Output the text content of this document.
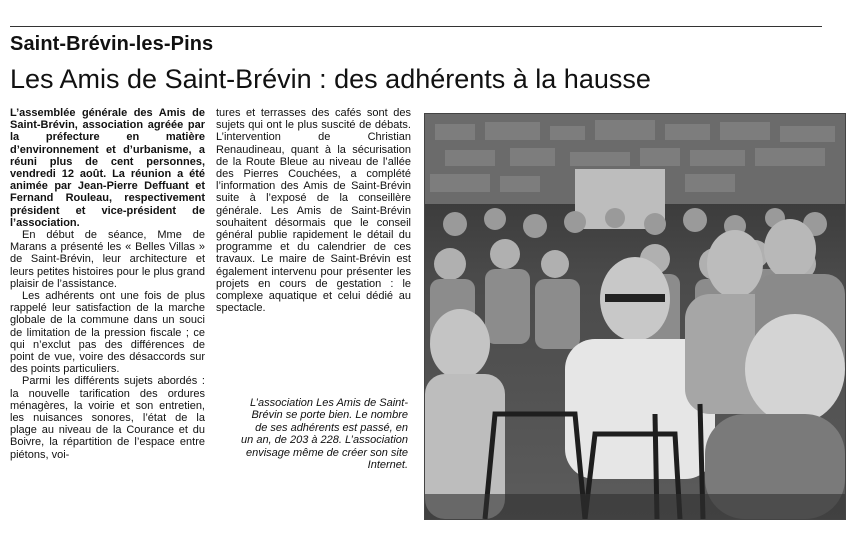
Saint-Brévin-les-Pins
Les Amis de Saint-Brévin : des adhérents à la hausse

L’assemblée générale des Amis de Saint-Brévin, association agréée par la préfecture en matière d’environnement et d’urbanisme, a réuni plus de cent personnes, vendredi 12 août. La réunion a été animée par Jean-Pierre Deffuant et Fernand Rouleau, respectivement président et vice-président de l’association.

En début de séance, Mme de Marans a présenté les « Belles Villas » de Saint-Brévin, leur architecture et leurs petites histoires pour le plus grand plaisir de l’assistance.

Les adhérents ont une fois de plus rappelé leur satisfaction de la marche globale de la commune dans un souci de limitation de la pression fiscale ; ce qui n’exclut pas des différences de point de vue, voire des désaccords sur des points particuliers.

Parmi les différents sujets abordés : la nouvelle tarification des ordures ménagères, la voirie et son entretien, les nuisances sonores, l’état de la plage au niveau de la Courance et du Boivre, la répartition de l’espace entre piétons, voi-

tures et terrasses des cafés sont des sujets qui ont le plus suscité de débats. L’intervention de Christian Renaudineau, quant à la sécurisation de la Route Bleue au niveau de l’allée des Pierres Couchées, a complété l’information des Amis de Saint-Brévin suite à l’exposé de la conseillère générale. Les Amis de Saint-Brévin souhaitent désormais que le conseil général publie rapidement le détail du programme et du calendrier de ces travaux. Le maire de Saint-Brévin est également intervenu pour présenter les projets en cours de gestation : le complexe aquatique et celui dédié au spectacle.

L’association Les Amis de Saint-Brévin se porte bien. Le nombre de ses adhérents est passé, en un an, de 203 à 228. L’association envisage même de créer son site Internet.
